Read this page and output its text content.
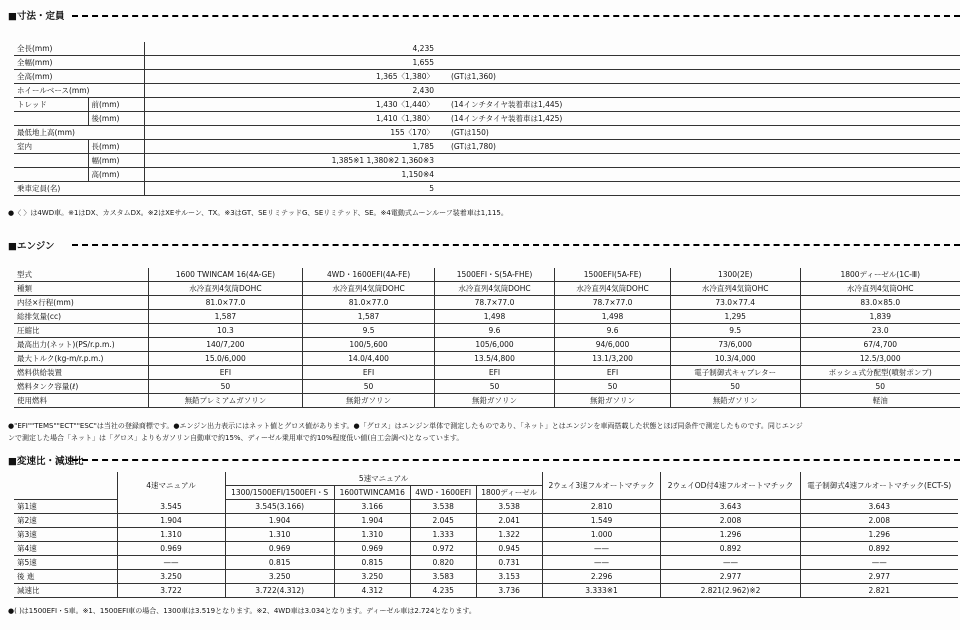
■寸法・定員
全長(mm)			4,235	
全幅(mm)			1,655	
全高(mm)			1,365〈1,380〉	(GTは1,360)
ホイールベース(mm)			2,430	
トレッド	前(mm)		1,430〈1,440〉	(14インチタイヤ装着車は1,445)
	後(mm)		1,410〈1,380〉	(14インチタイヤ装着車は1,425)
最低地上高(mm)			155〈170〉	(GTは150)
室内	長(mm)		1,785	(GTは1,780)
	幅(mm)		1,385※1 1,380※2 1,360※3	
	高(mm)		1,150※4	
乗車定員(名)			5	
●〈 〉は4WD車。※1はDX、カスタムDX。※2はXEサルーン、TX。※3はGT、SEリミテッドG、SEリミテッド、SE。※4電動式ムーンルーフ装着車は1,115。
■エンジン
型式	1600 TWINCAM 16(4A-GE)	4WD・1600EFI(4A-FE)	1500EFI・S(5A-FHE)	1500EFI(5A-FE)	1300(2E)	1800ディーゼル(1C-Ⅲ)
種類	水冷直列4気筒DOHC	水冷直列4気筒DOHC	水冷直列4気筒DOHC	水冷直列4気筒DOHC	水冷直列4気筒OHC	水冷直列4気筒OHC
内径×行程(mm)	81.0×77.0	81.0×77.0	78.7×77.0	78.7×77.0	73.0×77.4	83.0×85.0
総排気量(cc)	1,587	1,587	1,498	1,498	1,295	1,839
圧縮比	10.3	9.5	9.6	9.6	9.5	23.0
最高出力(ネット)(PS/r.p.m.)	140/7,200	100/5,600	105/6,000	94/6,000	73/6,000	67/4,700
最大トルク(kg-m/r.p.m.)	15.0/6,000	14.0/4,400	13.5/4,800	13.1/3,200	10.3/4,000	12.5/3,000
燃料供給装置	EFI	EFI	EFI	EFI	電子制御式キャブレター	ボッシュ式分配型(噴射ポンプ)
燃料タンク容量(ℓ)	50	50	50	50	50	50
使用燃料	無鉛プレミアムガソリン	無鉛ガソリン	無鉛ガソリン	無鉛ガソリン	無鉛ガソリン	軽油
●"EFI""TEMS""ECT""ESC"は当社の登録商標です。●エンジン出力表示にはネット値とグロス値があります。●「グロス」はエンジン単体で測定したものであり、「ネット」とはエンジンを車両搭載した状態とほぼ同条件で測定したものです。同じエンジ
ンで測定した場合「ネット」は「グロス」よりもガソリン自動車で約15%、ディーゼル乗用車で約10%程度低い値(自工会調べ)となっています。
■変速比・減速比
	4速マニュアル	5速マニュアル				2ウェイ3速フルオートマチック	2ウェイOD付4速フルオートマチック	電子制御式4速フルオートマチック(ECT-S)
		1300/1500EFI/1500EFI・S	1600TWINCAM16	4WD・1600EFI	1800ディーゼル			
第1速	3.545	3.545(3.166)	3.166	3.538	3.538	2.810	3.643	3.643
第2速	1.904	1.904	1.904	2.045	2.041	1.549	2.008	2.008
第3速	1.310	1.310	1.310	1.333	1.322	1.000	1.296	1.296
第4速	0.969	0.969	0.969	0.972	0.945	——	0.892	0.892
第5速	——	0.815	0.815	0.820	0.731	——	——	——
後 進	3.250	3.250	3.250	3.583	3.153	2.296	2.977	2.977
減速比	3.722	3.722(4.312)	4.312	4.235	3.736	3.333※1	2.821(2.962)※2	2.821
●( )は1500EFI・S車。※1、1500EFI車の場合、1300車は3.519となります。※2、4WD車は3.034となります。ディーゼル車は2.724となります。
